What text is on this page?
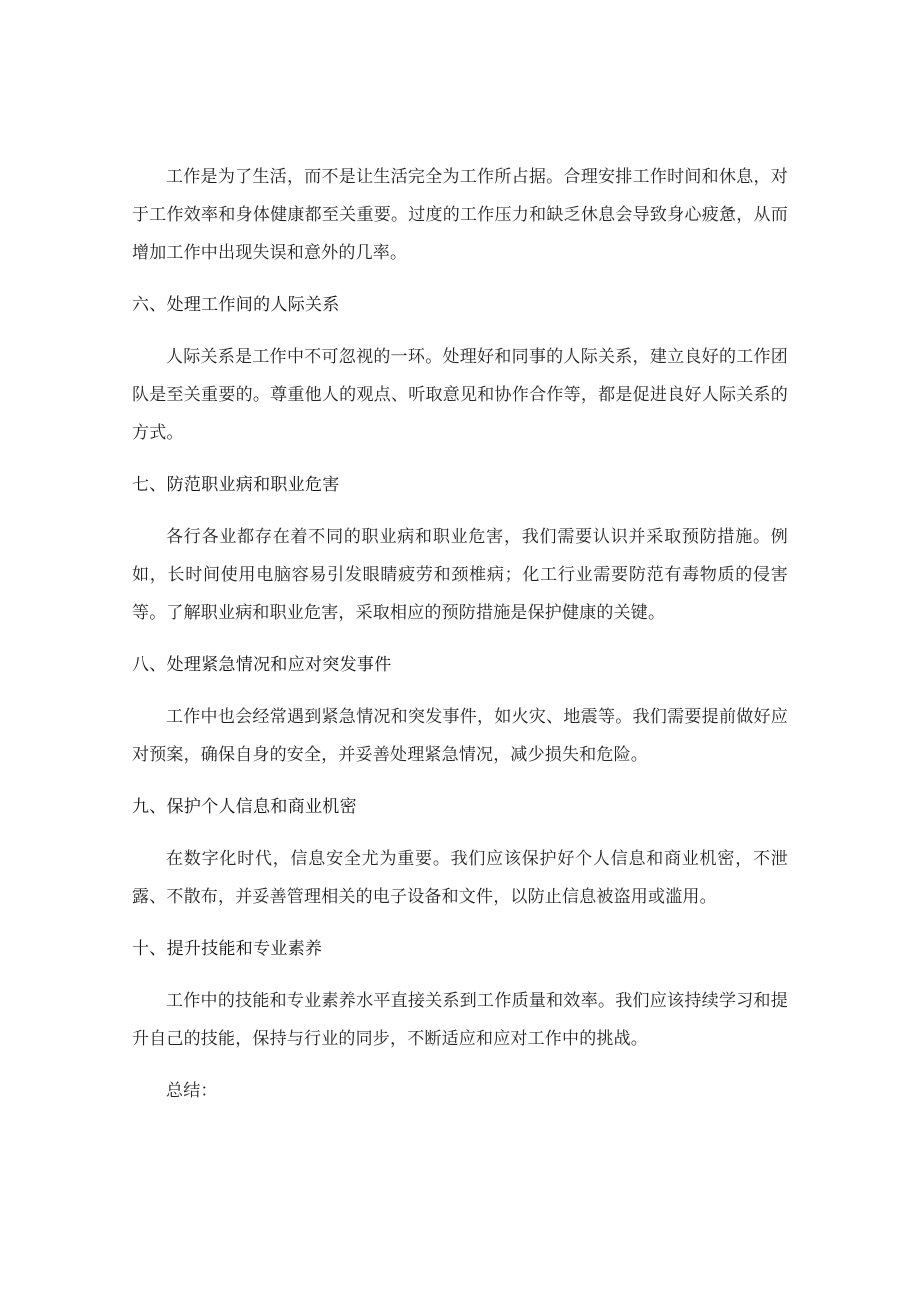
工作是为了生活，而不是让生活完全为工作所占据。合理安排工作时间和休息，对于工作效率和身体健康都至关重要。过度的工作压力和缺乏休息会导致身心疲惫，从而增加工作中出现失误和意外的几率。

六、处理工作间的人际关系

人际关系是工作中不可忽视的一环。处理好和同事的人际关系，建立良好的工作团队是至关重要的。尊重他人的观点、听取意见和协作合作等，都是促进良好人际关系的方式。

七、防范职业病和职业危害

各行各业都存在着不同的职业病和职业危害，我们需要认识并采取预防措施。例如，长时间使用电脑容易引发眼睛疲劳和颈椎病；化工行业需要防范有毒物质的侵害等。了解职业病和职业危害，采取相应的预防措施是保护健康的关键。

八、处理紧急情况和应对突发事件

工作中也会经常遇到紧急情况和突发事件，如火灾、地震等。我们需要提前做好应对预案，确保自身的安全，并妥善处理紧急情况，减少损失和危险。

九、保护个人信息和商业机密

在数字化时代，信息安全尤为重要。我们应该保护好个人信息和商业机密，不泄露、不散布，并妥善管理相关的电子设备和文件，以防止信息被盗用或滥用。

十、提升技能和专业素养

工作中的技能和专业素养水平直接关系到工作质量和效率。我们应该持续学习和提升自己的技能，保持与行业的同步，不断适应和应对工作中的挑战。

总结：
